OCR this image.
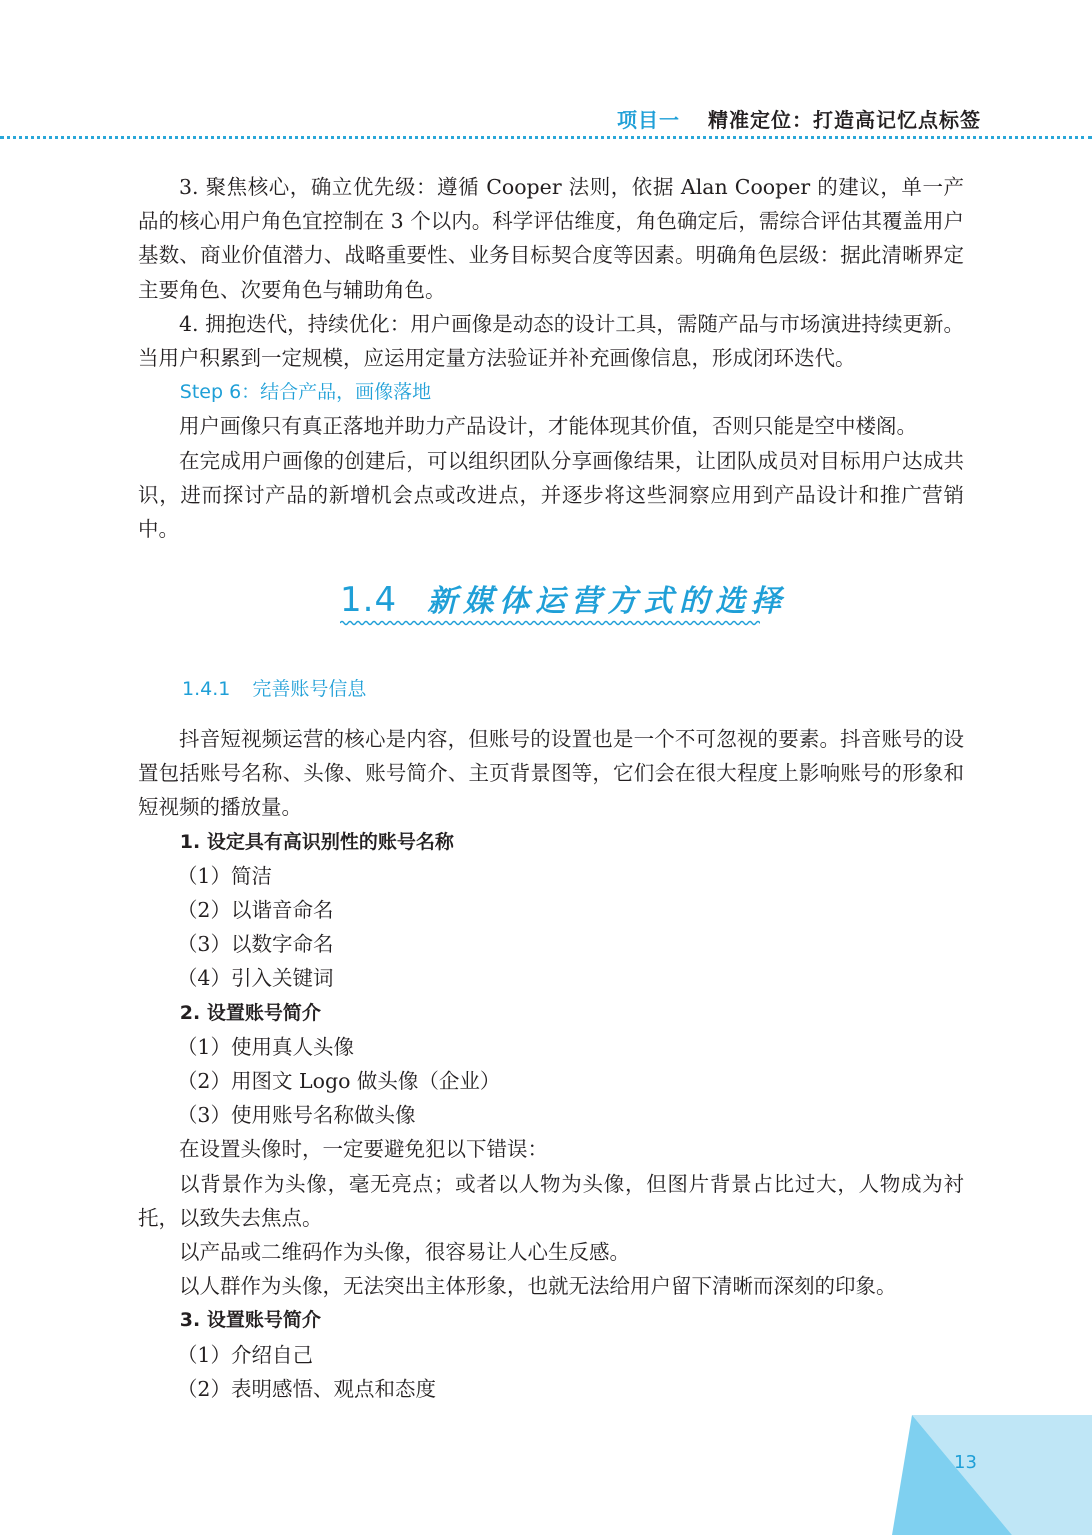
项目一 精准定位：打造高记忆点标签

3. 聚焦核心，确立优先级：遵循 Cooper 法则，依据 Alan Cooper 的建议，单一产品的核心用户角色宜控制在 3 个以内。科学评估维度，角色确定后，需综合评估其覆盖用户基数、商业价值潜力、战略重要性、业务目标契合度等因素。明确角色层级：据此清晰界定主要角色、次要角色与辅助角色。

4. 拥抱迭代，持续优化：用户画像是动态的设计工具，需随产品与市场演进持续更新。当用户积累到一定规模，应运用定量方法验证并补充画像信息，形成闭环迭代。

Step 6：结合产品，画像落地

用户画像只有真正落地并助力产品设计，才能体现其价值，否则只能是空中楼阁。

在完成用户画像的创建后，可以组织团队分享画像结果，让团队成员对目标用户达成共识，进而探讨产品的新增机会点或改进点，并逐步将这些洞察应用到产品设计和推广营销中。

1.4 新媒体运营方式的选择
1.4.1 完善账号信息

抖音短视频运营的核心是内容，但账号的设置也是一个不可忽视的要素。抖音账号的设置包括账号名称、头像、账号简介、主页背景图等，它们会在很大程度上影响账号的形象和短视频的播放量。

1. 设定具有高识别性的账号名称

（1）简洁

（2）以谐音命名

（3）以数字命名

（4）引入关键词

2. 设置账号简介

（1）使用真人头像

（2）用图文 Logo 做头像（企业）

（3）使用账号名称做头像

在设置头像时，一定要避免犯以下错误：

以背景作为头像，毫无亮点；或者以人物为头像，但图片背景占比过大，人物成为衬托，以致失去焦点。

以产品或二维码作为头像，很容易让人心生反感。

以人群作为头像，无法突出主体形象，也就无法给用户留下清晰而深刻的印象。

3. 设置账号简介

（1）介绍自己

（2）表明感悟、观点和态度

13
